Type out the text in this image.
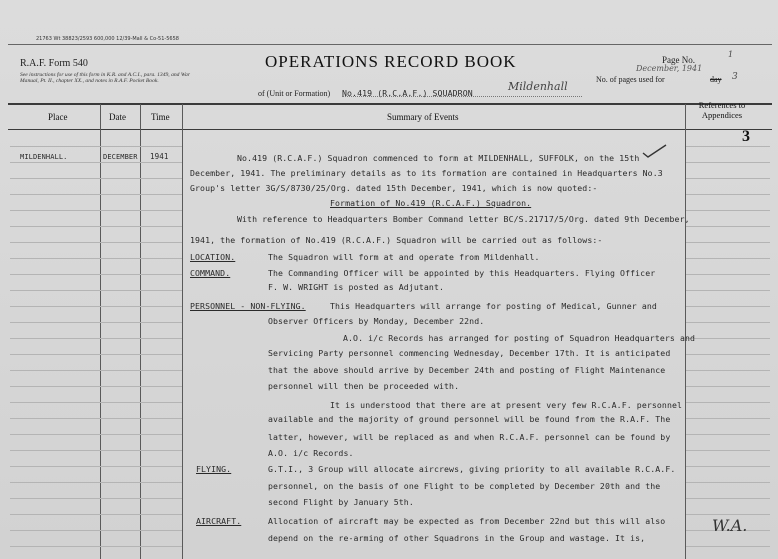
21763 Wt 38823/2593 600,000 12/39-Mall & Co-51-5658
R.A.F. Form 540
See instructions for use of this form in K.R. and A.C.I., para. 1349, and War Manual, Pt. II., chapter XX., and notes in R.A.F. Pocket Book.
OPERATIONS RECORD BOOK
of (Unit or Formation) No.419 (R.C.A.F.) SQUADRON	Mildenhall
Page No.
1
December, 1941
No. of pages used for	day 3
Place	Date	Time	Summary of Events
References to Appendices
MILDENHALL.	DECEMBER 1941
3
No.419 (R.C.A.F.) Squadron commenced to form at MILDENHALL, SUFFOLK, on the 15th
December, 1941. The preliminary details as to its formation are contained in Headquarters No.3
Group's letter 3G/S/8730/25/Org. dated 15th December, 1941, which is now quoted:-
Formation of No.419 (R.C.A.F.) Squadron.
With reference to Headquarters Bomber Command letter BC/S.21717/5/Org. dated 9th December,
1941, the formation of No.419 (R.C.A.F.) Squadron will be carried out as follows:-
LOCATION.	The Squadron will form at and operate from Mildenhall.
COMMAND.	The Commanding Officer will be appointed by this Headquarters. Flying Officer
F. W. WRIGHT is posted as Adjutant.
PERSONNEL - NON-FLYING.	This Headquarters will arrange for posting of Medical, Gunner and
Observer Officers by Monday, December 22nd.
A.O. i/c Records has arranged for posting of Squadron Headquarters and
Servicing Party personnel commencing Wednesday, December 17th. It is anticipated
that the above should arrive by December 24th and posting of Flight Maintenance
personnel will then be proceeded with.
It is understood that there are at present very few R.C.A.F. personnel
available and the majority of ground personnel will be found from the R.A.F. The
latter, however, will be replaced as and when R.C.A.F. personnel can be found by
A.O. i/c Records.
FLYING.	G.T.I., 3 Group will allocate aircrews, giving priority to all available R.C.A.F.
personnel, on the basis of one Flight to be completed by December 20th and the
second Flight by January 5th.
AIRCRAFT.	Allocation of aircraft may be expected as from December 22nd but this will also
depend on the re-arming of other Squadrons in the Group and wastage. It is,
W.A.
